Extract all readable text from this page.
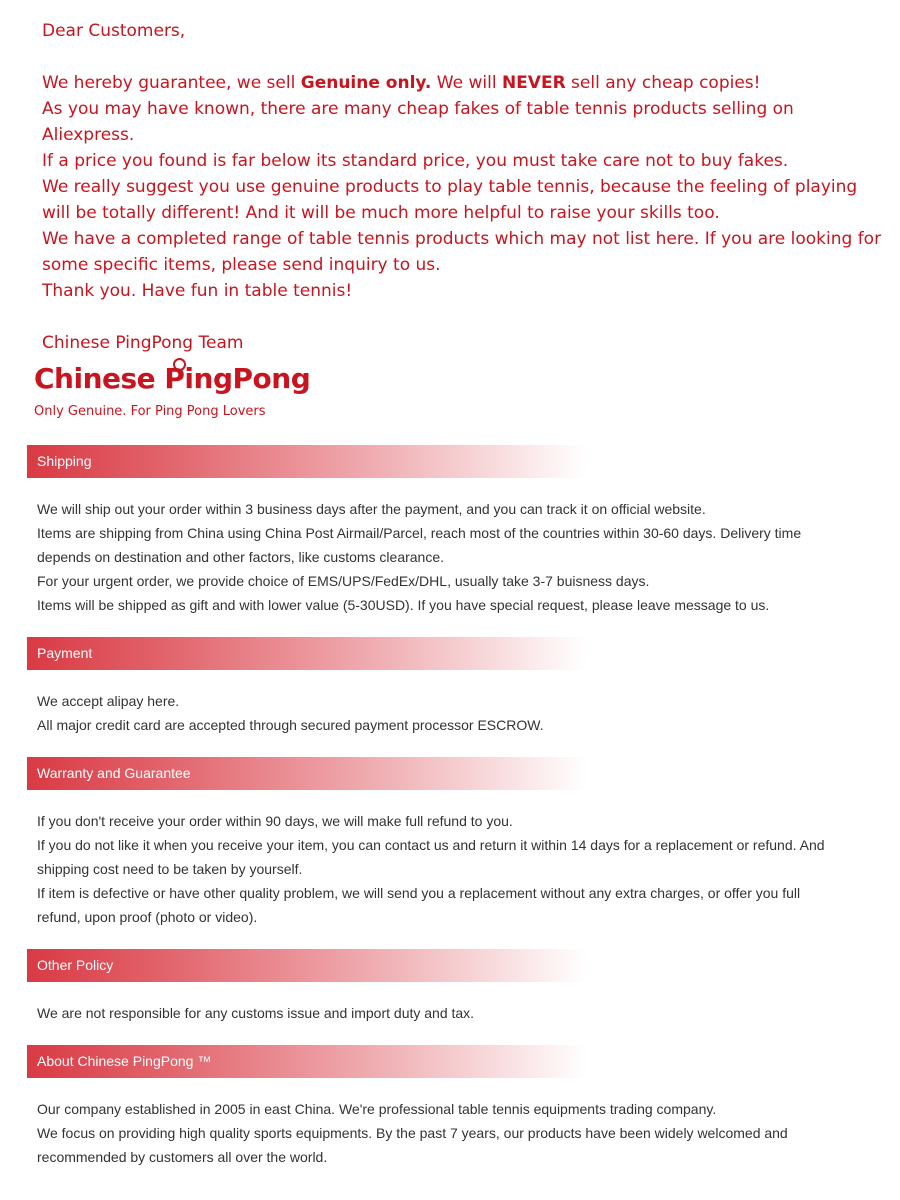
Dear Customers,

We hereby guarantee, we sell Genuine only. We will NEVER sell any cheap copies!

As you may have known, there are many cheap fakes of table tennis products selling on Aliexpress.

If a price you found is far below its standard price, you must take care not to buy fakes.

We really suggest you use genuine products to play table tennis, because the feeling of playing will be totally different! And it will be much more helpful to raise your skills too.

We have a completed range of table tennis products which may not list here. If you are looking for some specific items, please send inquiry to us.

Thank you. Have fun in table tennis!

Chinese PingPong Team

Chinese PingPong
Only Genuine. For Ping Pong Lovers
Shipping

We will ship out your order within 3 business days after the payment, and you can track it on official website.

Items are shipping from China using China Post Airmail/Parcel, reach most of the countries within 30-60 days. Delivery time depends on destination and other factors, like customs clearance.

For your urgent order, we provide choice of EMS/UPS/FedEx/DHL, usually take 3-7 buisness days.

Items will be shipped as gift and with lower value (5-30USD). If you have special request, please leave message to us.

Payment

We accept alipay here.

All major credit card are accepted through secured payment processor ESCROW.

Warranty and Guarantee

If you don't receive your order within 90 days, we will make full refund to you.

If you do not like it when you receive your item, you can contact us and return it within 14 days for a replacement or refund. And shipping cost need to be taken by yourself.

If item is defective or have other quality problem, we will send you a replacement without any extra charges, or offer you full refund, upon proof (photo or video).

Other Policy

We are not responsible for any customs issue and import duty and tax.

About Chinese PingPong ™

Our company established in 2005 in east China. We're professional table tennis equipments trading company.

We focus on providing high quality sports equipments. By the past 7 years, our products have been widely welcomed and recommended by customers all over the world.
